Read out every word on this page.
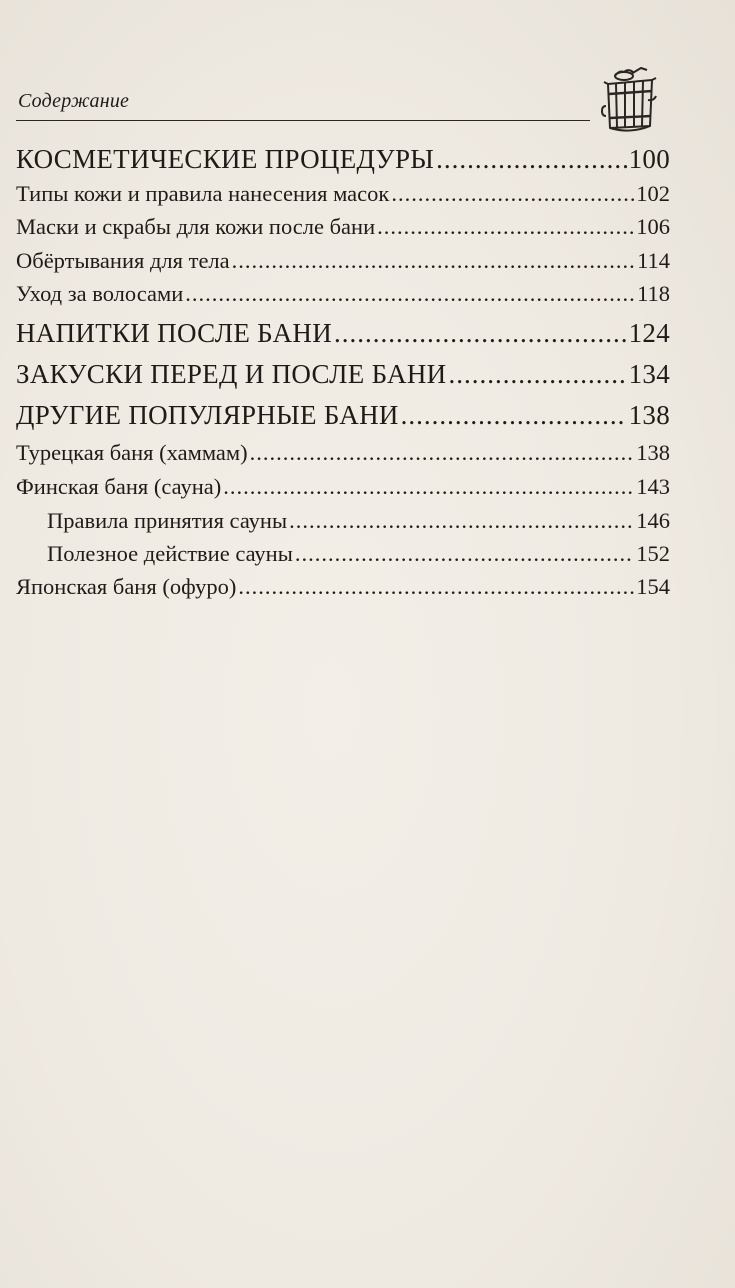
Содержание
КОСМЕТИЧЕСКИЕ ПРОЦЕДУРЫ .....	100
Типы кожи и правила нанесения масок .....	102
Маски и скрабы для кожи после бани .....	106
Обёртывания для тела .....	114
Уход за волосами .....	118
НАПИТКИ ПОСЛЕ БАНИ .....	124
ЗАКУСКИ ПЕРЕД И ПОСЛЕ БАНИ .....	134
ДРУГИЕ ПОПУЛЯРНЫЕ БАНИ .....	138
Турецкая баня (хаммам) .....	138
Финская баня (сауна) .....	143
Правила принятия сауны .....	146
Полезное действие сауны .....	152
Японская баня (офуро) .....	154
